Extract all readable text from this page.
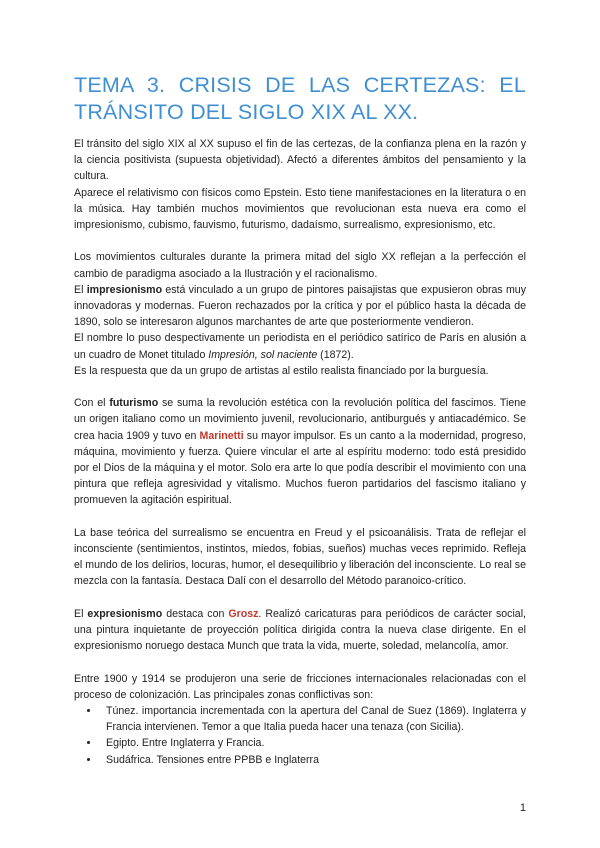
TEMA 3. CRISIS DE LAS CERTEZAS: EL
TRÁNSITO DEL SIGLO XIX AL XX.

El tránsito del siglo XIX al XX supuso el fin de las certezas, de la confianza plena en la razón y la ciencia positivista (supuesta objetividad). Afectó a diferentes ámbitos del pensamiento y la cultura.

Aparece el relativismo con físicos como Epstein. Esto tiene manifestaciones en la literatura o en la música. Hay también muchos movimientos que revolucionan esta nueva era como el impresionismo, cubismo, fauvismo, futurismo, dadaísmo, surrealismo, expresionismo, etc.

Los movimientos culturales durante la primera mitad del siglo XX reflejan a la perfección el cambio de paradigma asociado a la Ilustración y el racionalismo.

El impresionismo está vinculado a un grupo de pintores paisajistas que expusieron obras muy innovadoras y modernas. Fueron rechazados por la crítica y por el público hasta la década de 1890, solo se interesaron algunos marchantes de arte que posteriormente vendieron.

El nombre lo puso despectivamente un periodista en el periódico satírico de París en alusión a un cuadro de Monet titulado Impresión, sol naciente (1872).

Es la respuesta que da un grupo de artistas al estilo realista financiado por la burguesía.

Con el futurismo se suma la revolución estética con la revolución política del fascimos. Tiene un origen italiano como un movimiento juvenil, revolucionario, antiburgués y antiacadémico. Se crea hacia 1909 y tuvo en Marinetti su mayor impulsor. Es un canto a la modernidad, progreso, máquina, movimiento y fuerza. Quiere vincular el arte al espíritu moderno: todo está presidido por el Dios de la máquina y el motor. Solo era arte lo que podía describir el movimiento con una pintura que refleja agresividad y vitalismo. Muchos fueron partidarios del fascismo italiano y promueven la agitación espiritual.

La base teórica del surrealismo se encuentra en Freud y el psicoanálisis. Trata de reflejar el inconsciente (sentimientos, instintos, miedos, fobias, sueños) muchas veces reprimido. Refleja el mundo de los delirios, locuras, humor, el desequilibrio y liberación del inconsciente. Lo real se mezcla con la fantasía. Destaca Dalí con el desarrollo del Método paranoico-crítico.

El expresionismo destaca con Grosz. Realizó caricaturas para periódicos de carácter social, una pintura inquietante de proyección política dirigida contra la nueva clase dirigente. En el expresionismo noruego destaca Munch que trata la vida, muerte, soledad, melancolía, amor.

Entre 1900 y 1914 se produjeron una serie de fricciones internacionales relacionadas con el proceso de colonización. Las principales zonas conflictivas son:

• Túnez. importancia incrementada con la apertura del Canal de Suez (1869). Inglaterra y Francia intervienen. Temor a que Italia pueda hacer una tenaza (con Sicilia).
• Egipto. Entre Inglaterra y Francia.
• Sudáfrica. Tensiones entre PPBB e Inglaterra
1
